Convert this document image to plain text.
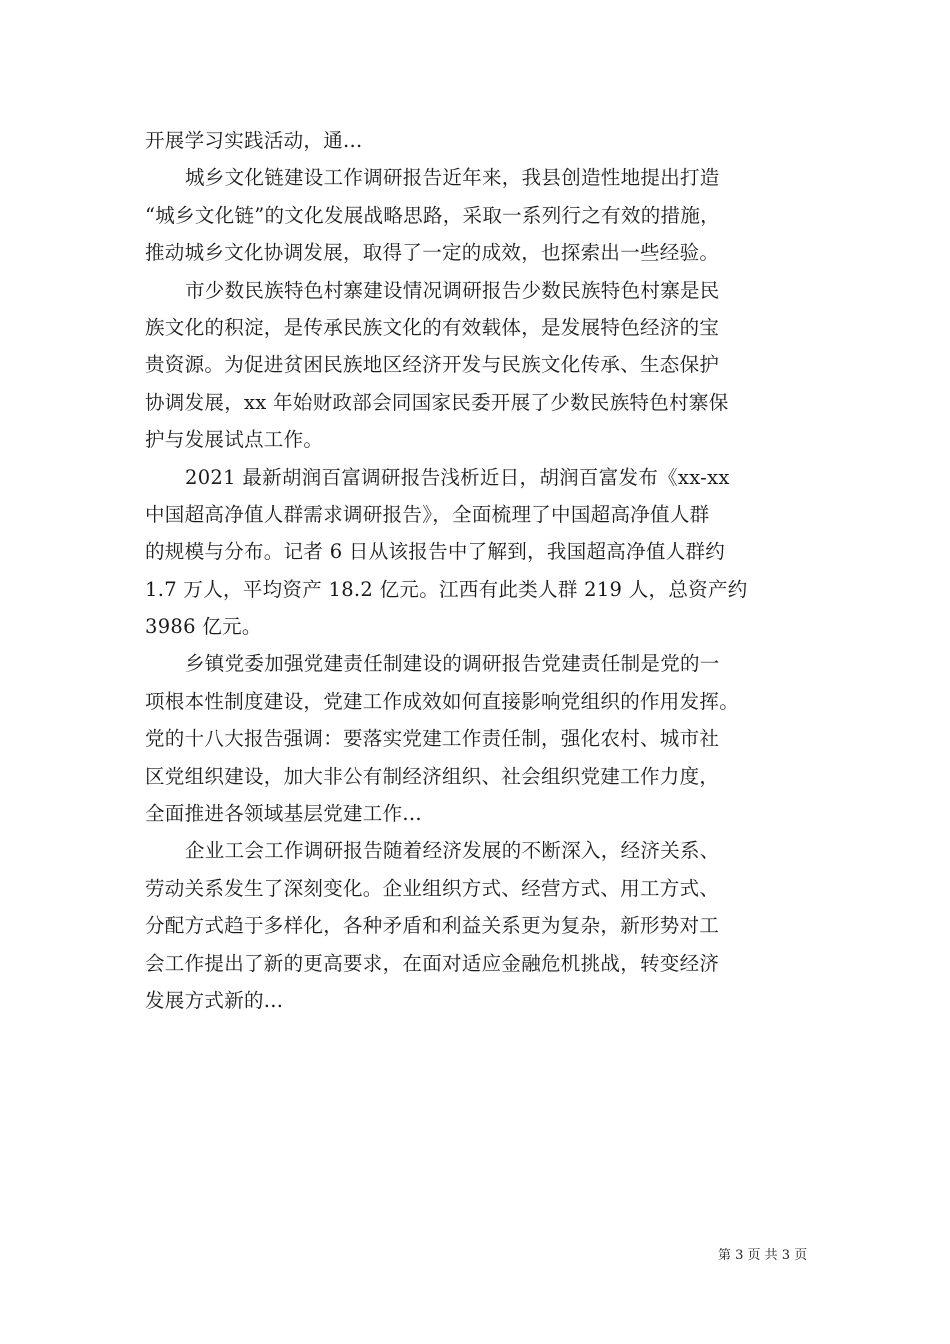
开展学习实践活动，通...
城乡文化链建设工作调研报告近年来，我县创造性地提出打造
“城乡文化链”的文化发展战略思路，采取一系列行之有效的措施，
推动城乡文化协调发展，取得了一定的成效，也探索出一些经验。
市少数民族特色村寨建设情况调研报告少数民族特色村寨是民
族文化的积淀，是传承民族文化的有效载体，是发展特色经济的宝
贵资源。为促进贫困民族地区经济开发与民族文化传承、生态保护
协调发展，xx 年始财政部会同国家民委开展了少数民族特色村寨保
护与发展试点工作。
2021 最新胡润百富调研报告浅析近日，胡润百富发布《xx-xx
中国超高净值人群需求调研报告》，全面梳理了中国超高净值人群
的规模与分布。记者 6 日从该报告中了解到，我国超高净值人群约
1.7 万人，平均资产 18.2 亿元。江西有此类人群 219 人，总资产约
3986 亿元。
乡镇党委加强党建责任制建设的调研报告党建责任制是党的一
项根本性制度建设，党建工作成效如何直接影响党组织的作用发挥。
党的十八大报告强调：要落实党建工作责任制，强化农村、城市社
区党组织建设，加大非公有制经济组织、社会组织党建工作力度，
全面推进各领域基层党建工作...
企业工会工作调研报告随着经济发展的不断深入，经济关系、
劳动关系发生了深刻变化。企业组织方式、经营方式、用工方式、
分配方式趋于多样化，各种矛盾和利益关系更为复杂，新形势对工
会工作提出了新的更高要求，在面对适应金融危机挑战，转变经济
发展方式新的...
第 3 页 共 3 页
